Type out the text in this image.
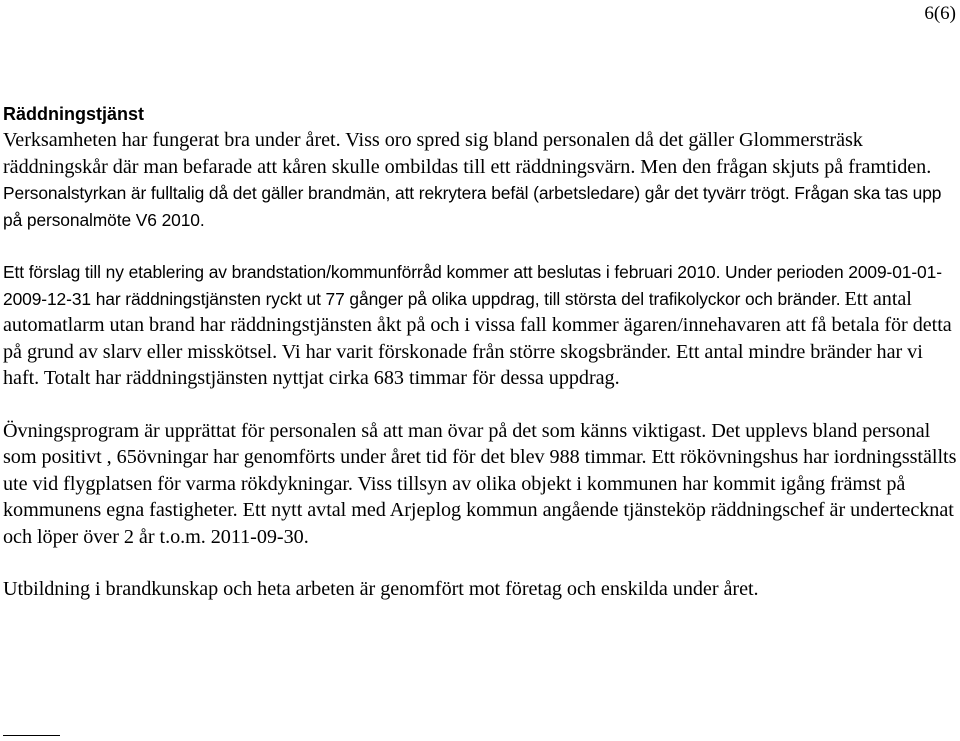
6(6)

Räddningstjänst

Verksamheten har fungerat bra under året. Viss oro spred sig bland personalen då det gäller Glommersträsk räddningskår där man befarade att kåren skulle ombildas till ett räddningsvärn. Men den frågan skjuts på framtiden. Personalstyrkan är fulltalig då det gäller brandmän, att rekrytera befäl (arbetsledare) går det tyvärr trögt. Frågan ska tas upp på personalmöte V6 2010.

Ett förslag till ny etablering av brandstation/kommunförråd kommer att beslutas i februari 2010. Under perioden 2009-01-01-2009-12-31 har räddningstjänsten ryckt ut 77 gånger på olika uppdrag, till största del trafikolyckor och bränder. Ett antal automatlarm utan brand har räddningstjänsten åkt på och i vissa fall kommer ägaren/innehavaren att få betala för detta på grund av slarv eller misskötsel. Vi har varit förskonade från större skogsbränder. Ett antal mindre bränder har vi haft. Totalt har räddningstjänsten nyttjat cirka 683 timmar för dessa uppdrag.

Övningsprogram är upprättat för personalen så att man övar på det som känns viktigast. Det upplevs bland personal som positivt , 65övningar har genomförts under året tid för det blev 988 timmar. Ett rökövningshus har iordningsställts ute vid flygplatsen för varma rökdykningar. Viss tillsyn av olika objekt i kommunen har kommit igång främst på kommunens egna fastigheter. Ett nytt avtal med Arjeplog kommun angående tjänsteköp räddningschef är undertecknat och löper över 2 år t.o.m. 2011-09-30.

Utbildning i brandkunskap och heta arbeten är genomfört mot företag och enskilda under året.
